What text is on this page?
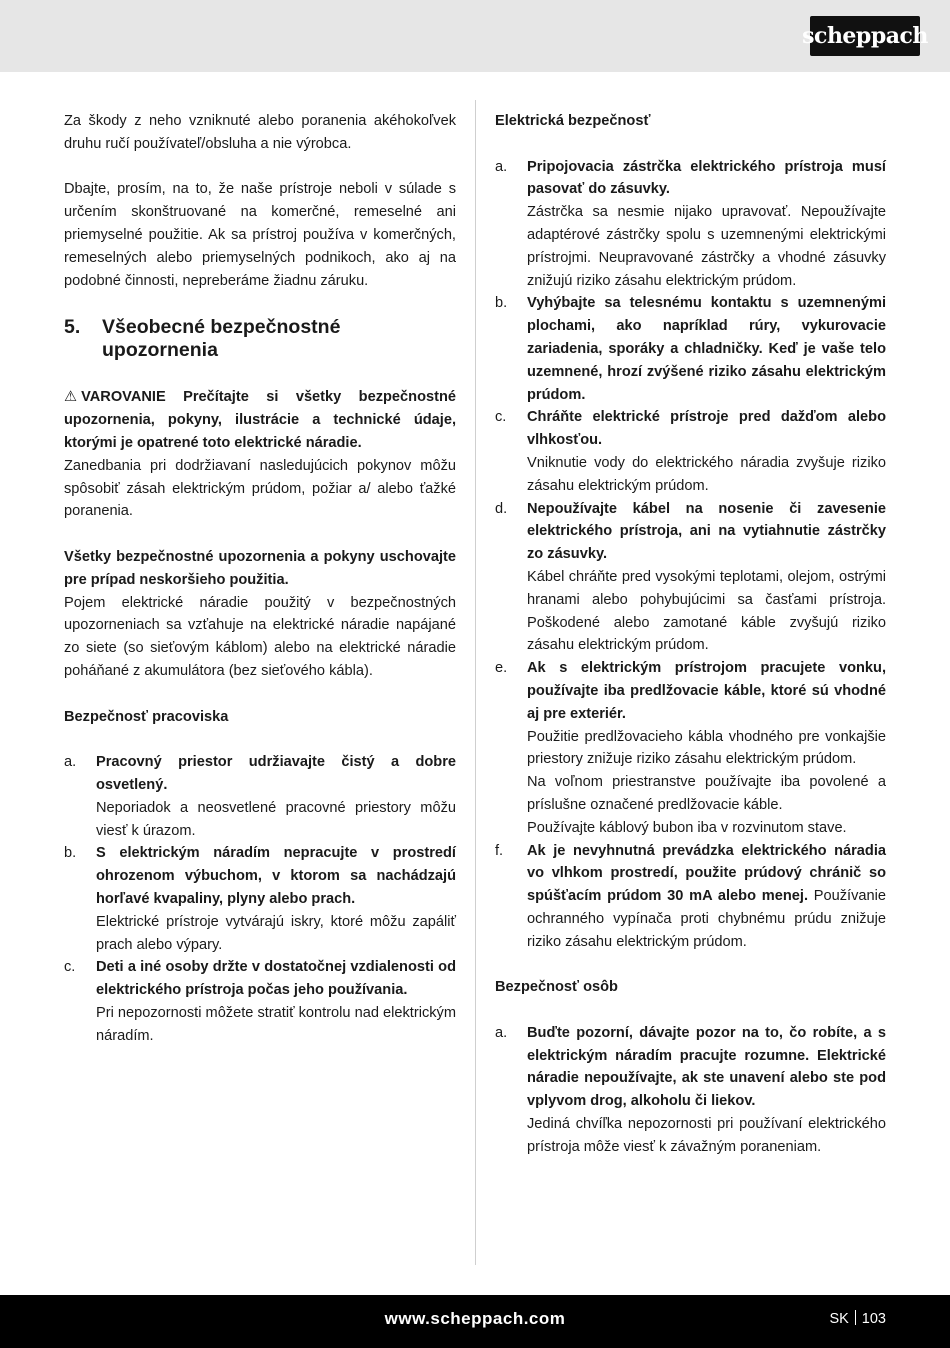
scheppach

Za škody z neho vzniknuté alebo poranenia akéhokoľvek druhu ručí používateľ/obsluha a nie výrobca.

Dbajte, prosím, na to, že naše prístroje neboli v súlade s určením skonštruované na komerčné, remeselné ani priemyselné použitie. Ak sa prístroj používa v komerčných, remeselných alebo priemyselných podnikoch, ako aj na podobné činnosti, nepreberáme žiadnu záruku.

5.	Všeobecné bezpečnostné upozornenia

⚠ VAROVANIE Prečítajte si všetky bezpečnostné upozornenia, pokyny, ilustrácie a technické údaje, ktorými je opatrené toto elektrické náradie.
Zanedbania pri dodržiavaní nasledujúcich pokynov môžu spôsobiť zásah elektrickým prúdom, požiar a/ alebo ťažké poranenia.

Všetky bezpečnostné upozornenia a pokyny uschovajte pre prípad neskoršieho použitia.
Pojem elektrické náradie použitý v bezpečnostných upozorneniach sa vzťahuje na elektrické náradie napájané zo siete (so sieťovým káblom) alebo na elektrické náradie poháňané z akumulátora (bez sieťového kábla).

Bezpečnosť pracoviska

a.	Pracovný priestor udržiavajte čistý a dobre osvetlený.
Neporiadok a neosvetlené pracovné priestory môžu viesť k úrazom.
b.	S elektrickým náradím nepracujte v prostredí ohrozenom výbuchom, v ktorom sa nachádzajú horľavé kvapaliny, plyny alebo prach.
Elektrické prístroje vytvárajú iskry, ktoré môžu zapáliť prach alebo výpary.
c.	Deti a iné osoby držte v dostatočnej vzdialenosti od elektrického prístroja počas jeho používania.
Pri nepozornosti môžete stratiť kontrolu nad elektrickým náradím.

Elektrická bezpečnosť

a.	Pripojovacia zástrčka elektrického prístroja musí pasovať do zásuvky.
Zástrčka sa nesmie nijako upravovať. Nepoužívajte adaptérové zástrčky spolu s uzemnenými elektrickými prístrojmi. Neupravované zástrčky a vhodné zásuvky znižujú riziko zásahu elektrickým prúdom.
b.	Vyhýbajte sa telesnému kontaktu s uzemnenými plochami, ako napríklad rúry, vykurovacie zariadenia, sporáky a chladničky. Keď je vaše telo uzemnené, hrozí zvýšené riziko zásahu elektrickým prúdom.
c.	Chráňte elektrické prístroje pred dažďom alebo vlhkosťou.
Vniknutie vody do elektrického náradia zvyšuje riziko zásahu elektrickým prúdom.
d.	Nepoužívajte kábel na nosenie či zavesenie elektrického prístroja, ani na vytiahnutie zástrčky zo zásuvky.
Kábel chráňte pred vysokými teplotami, olejom, ostrými hranami alebo pohybujúcimi sa časťami prístroja. Poškodené alebo zamotané káble zvyšujú riziko zásahu elektrickým prúdom.
e.	Ak s elektrickým prístrojom pracujete vonku, používajte iba predlžovacie káble, ktoré sú vhodné aj pre exteriér.
Použitie predlžovacieho kábla vhodného pre vonkajšie priestory znižuje riziko zásahu elektrickým prúdom.
Na voľnom priestranstve používajte iba povolené a príslušne označené predlžovacie káble.
Používajte káblový bubon iba v rozvinutom stave.
f.	Ak je nevyhnutná prevádzka elektrického náradia vo vlhkom prostredí, použite prúdový chránič so spúšťacím prúdom 30 mA alebo menej. Používanie ochranného vypínača proti chybnému prúdu znižuje riziko zásahu elektrickým prúdom.

Bezpečnosť osôb

a.	Buďte pozorní, dávajte pozor na to, čo robíte, a s elektrickým náradím pracujte rozumne. Elektrické náradie nepoužívajte, ak ste unavení alebo ste pod vplyvom drog, alkoholu či liekov.
Jediná chvíľka nepozornosti pri používaní elektrického prístroja môže viesť k závažným poraneniam.
www.scheppach.com	SK 103
